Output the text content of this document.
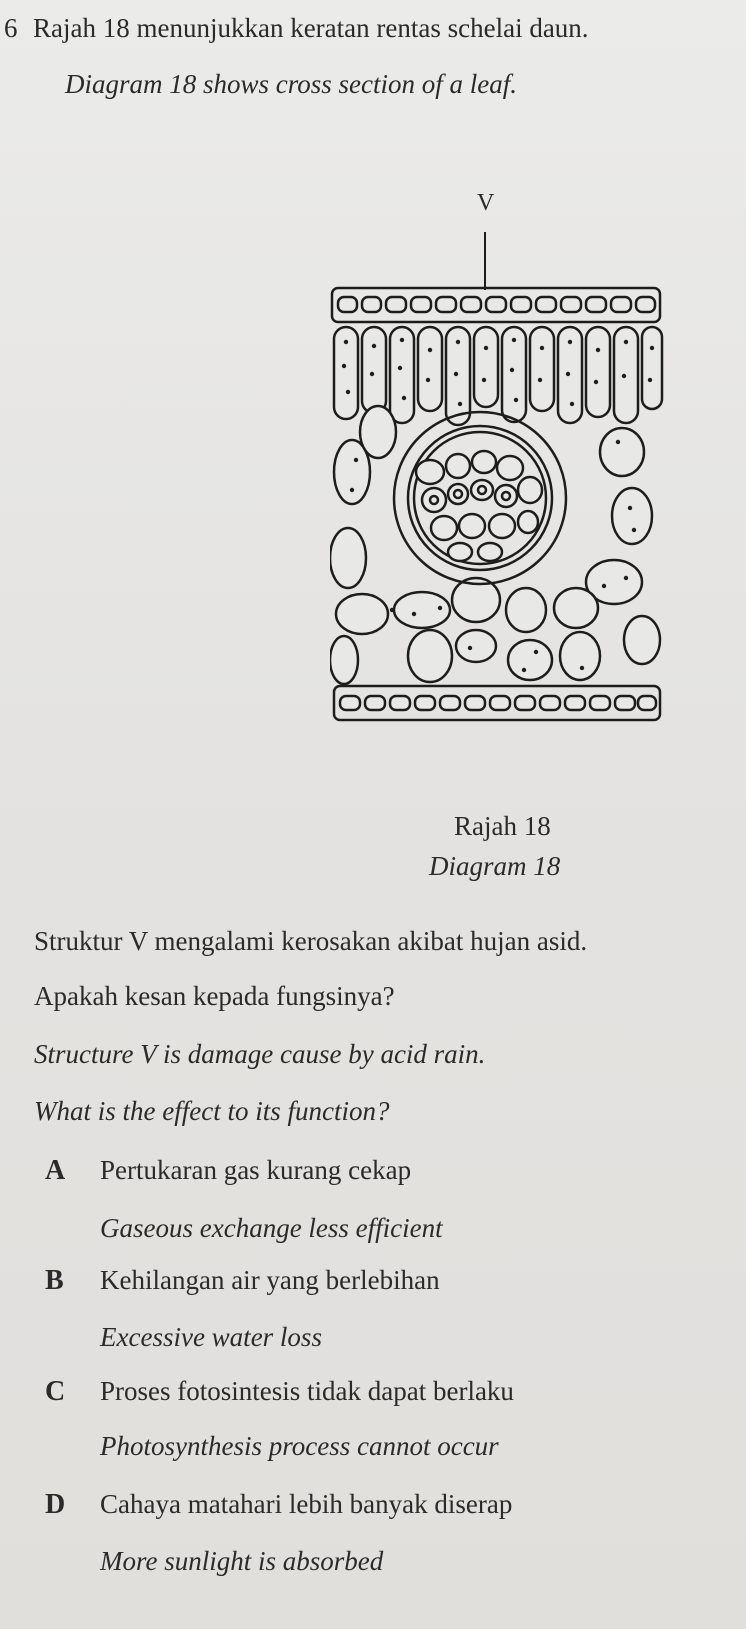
6 Rajah 18 menunjukkan keratan rentas schelai daun.

Diagram 18 shows cross section of a leaf.

V

Rajah 18

Diagram 18

Struktur V mengalami kerosakan akibat hujan asid.

Apakah kesan kepada fungsinya?

Structure V is damage cause by acid rain.

What is the effect to its function?

A Pertukaran gas kurang cekap

Gaseous exchange less efficient

B Kehilangan air yang berlebihan

Excessive water loss

C Proses fotosintesis tidak dapat berlaku

Photosynthesis process cannot occur

D Cahaya matahari lebih banyak diserap

More sunlight is absorbed
